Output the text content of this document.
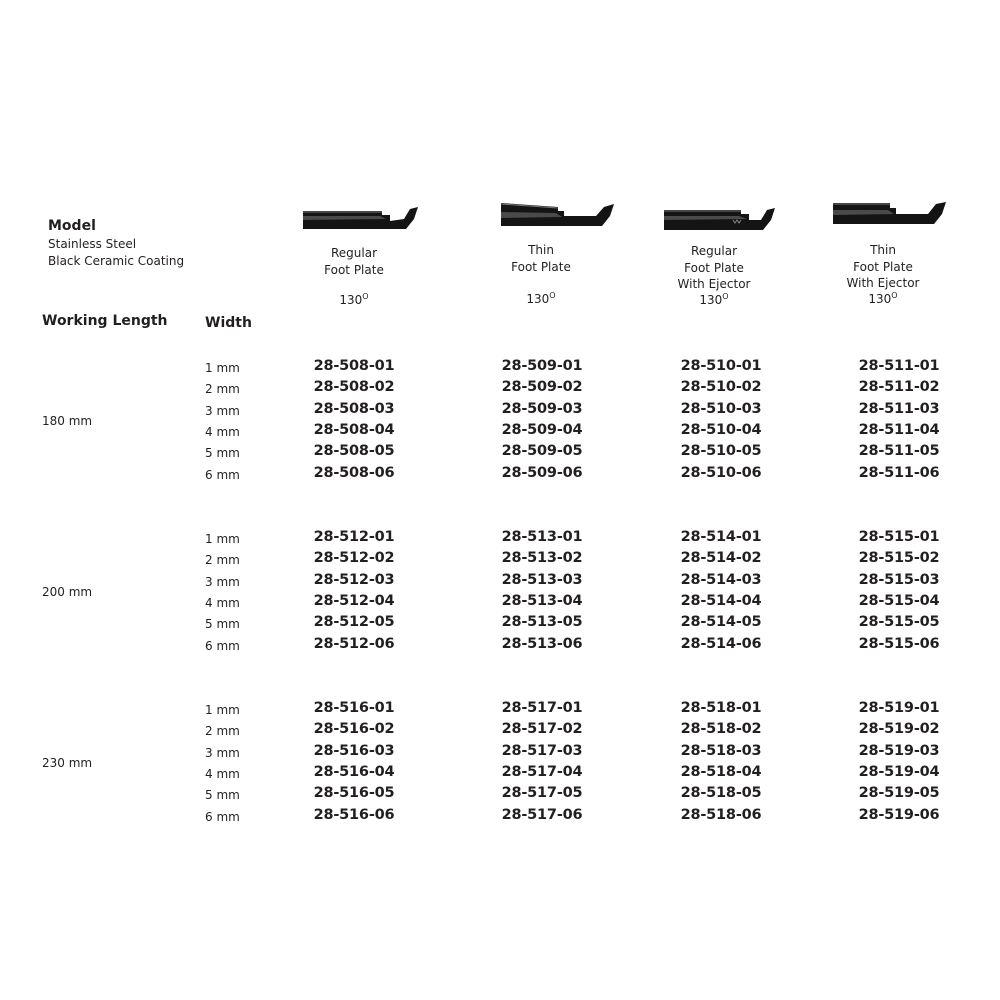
Model
Stainless Steel
Black Ceramic Coating
Working Length	Width
Regular
Foot Plate
$130^O$
Thin
Foot Plate
$130^O$
Regular
Foot Plate
With Ejector
$130^O$
Thin
Foot Plate
With Ejector
$130^O$
180 mm
1 mm	28-508-01	28-509-01	28-510-01	28-511-01
2 mm	28-508-02	28-509-02	28-510-02	28-511-02
3 mm	28-508-03	28-509-03	28-510-03	28-511-03
4 mm	28-508-04	28-509-04	28-510-04	28-511-04
5 mm	28-508-05	28-509-05	28-510-05	28-511-05
6 mm	28-508-06	28-509-06	28-510-06	28-511-06
200 mm
1 mm	28-512-01	28-513-01	28-514-01	28-515-01
2 mm	28-512-02	28-513-02	28-514-02	28-515-02
3 mm	28-512-03	28-513-03	28-514-03	28-515-03
4 mm	28-512-04	28-513-04	28-514-04	28-515-04
5 mm	28-512-05	28-513-05	28-514-05	28-515-05
6 mm	28-512-06	28-513-06	28-514-06	28-515-06
230 mm
1 mm	28-516-01	28-517-01	28-518-01	28-519-01
2 mm	28-516-02	28-517-02	28-518-02	28-519-02
3 mm	28-516-03	28-517-03	28-518-03	28-519-03
4 mm	28-516-04	28-517-04	28-518-04	28-519-04
5 mm	28-516-05	28-517-05	28-518-05	28-519-05
6 mm	28-516-06	28-517-06	28-518-06	28-519-06
